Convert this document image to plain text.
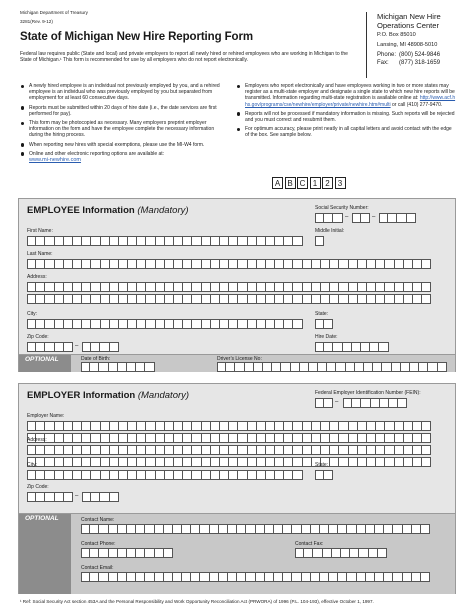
Michigan Department of Treasury
3281(Rev. 9-12)
State of Michigan New Hire Reporting Form
Federal law requires public (State and local) and private employers to report all newly hired or rehired employees who are working in Michigan to the State of Michigan.¹ This form is recommended for use by all employers who do not report electronically.
Michigan New Hire
Operations Center
P.O. Box 85010
Lansing, MI 48908-5010
Phone: (800) 524-9846
Fax:	(877) 318-1659
A newly hired employee is an individual not previously employed by you, and a rehired employee is an individual who was previously employed by you but separated from employment for at least 60 consecutive days.
Reports must be submitted within 20 days of hire date (i.e., the date services are first performed for pay).
This form may be photocopied as necessary. Many employers preprint employer information on the form and have the employee complete the necessary information during the hiring process.
When reporting new hires with special exemptions, please use the MI-W4 form.
Online and other electronic reporting options are available at:
www.mi-newhire.com
Employers who report electronically and have employees working in two or more states may register as a multi-state employer and designate a single state to which new hire reports will be transmitted. Information regarding multi-state registration is available online at: http://www.acf.hhs.gov/programs/cse/newhire/employer/private/newhire.htm#multi or call (410) 277-9470.
Reports will not be processed if mandatory information is missing. Such reports will be rejected and you must correct and resubmit them.
For optimum accuracy, please print neatly in all capital letters and avoid contact with the edge of the box. See sample below.
A B C 1 2 3
EMPLOYEE Information (Mandatory)	Social Security Number:
–	–
First Name:	Middle Initial:
Last Name:
Address:
City:	State:
Zip Code:
–
Hire Date:
OPTIONAL	Date of Birth:	Driver’s License No:
EMPLOYER Information (Mandatory)	Federal Employer Identification Number (FEIN):
–
Employer Name:
Address:
City:	State:
Zip Code:
–
OPTIONAL	Contact Name:
Contact Phone:	Contact Fax:
Contact Email:
¹ Ref: Social Security Act section 453A and the Personal Responsibility and Work Opportunity Reconciliation Act (PRWORA) of 1996 (P.L. 104-193), effective October 1, 1997.
